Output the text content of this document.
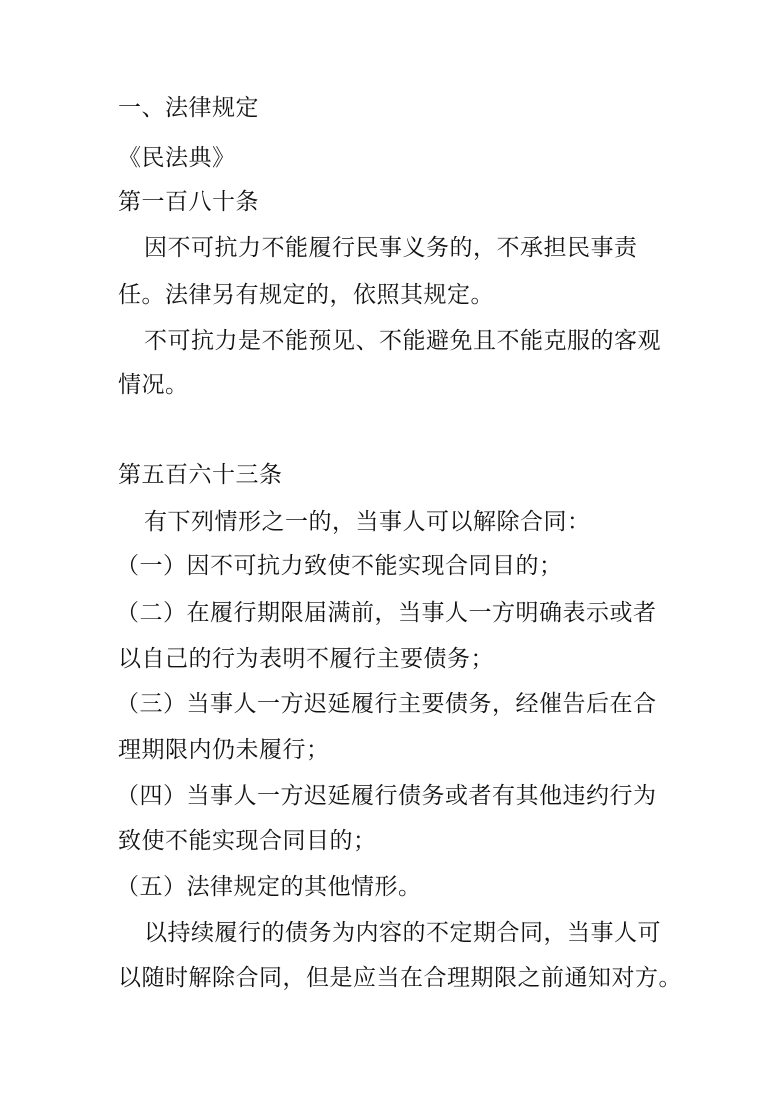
一、法律规定
《民法典》
第一百八十条
因不可抗力不能履行民事义务的，不承担民事责
任。法律另有规定的，依照其规定。
不可抗力是不能预见、不能避免且不能克服的客观
情况。
第五百六十三条
有下列情形之一的，当事人可以解除合同：
（一）因不可抗力致使不能实现合同目的；
（二）在履行期限届满前，当事人一方明确表示或者
以自己的行为表明不履行主要债务；
（三）当事人一方迟延履行主要债务，经催告后在合
理期限内仍未履行；
（四）当事人一方迟延履行债务或者有其他违约行为
致使不能实现合同目的；
（五）法律规定的其他情形。
以持续履行的债务为内容的不定期合同，当事人可
以随时解除合同，但是应当在合理期限之前通知对方。
